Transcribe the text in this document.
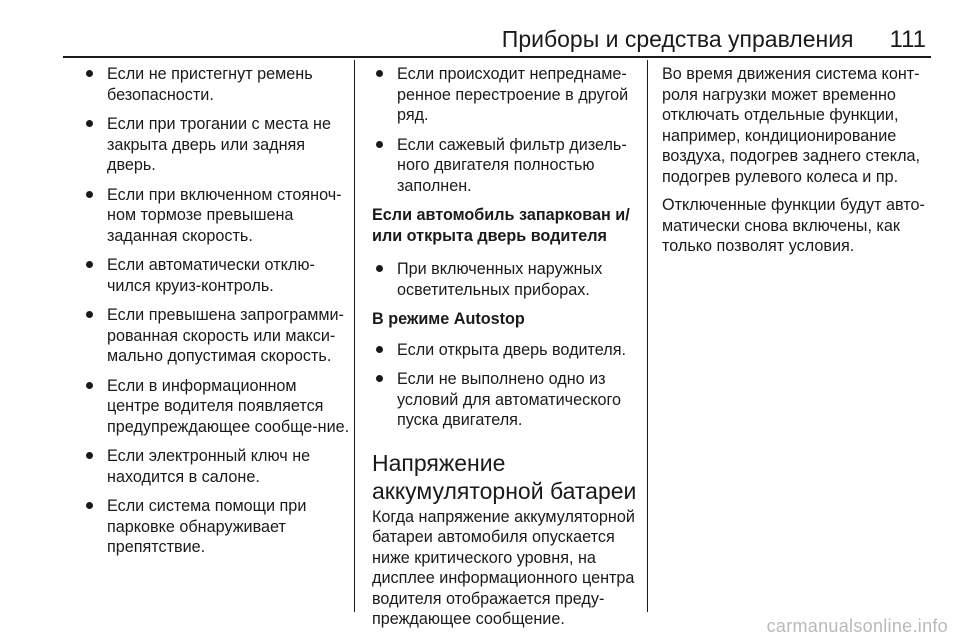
Приборы и средства управления 111
Если не пристегнут ремень безопасности.
Если при трогании с места не закрыта дверь или задняя дверь.
Если при включенном стояноч-ном тормозе превышена заданная скорость.
Если автоматически отклю-чился круиз-контроль.
Если превышена запрограмми-рованная скорость или макси-мально допустимая скорость.
Если в информационном центре водителя появляется предупреждающее сообще-ние.
Если электронный ключ не находится в салоне.
Если система помощи при парковке обнаруживает препятствие.
Если происходит непреднаме-ренное перестроение в другой ряд.
Если сажевый фильтр дизель-ного двигателя полностью заполнен.
Если автомобиль запаркован и/или открыта дверь водителя
При включенных наружных осветительных приборах.
В режиме Autostop
Если открыта дверь водителя.
Если не выполнено одно из условий для автоматического пуска двигателя.
Напряжение
аккумуляторной батареи

Когда напряжение аккумуляторной батареи автомобиля опускается ниже критического уровня, на дисплее информационного центра водителя отображается преду-преждающее сообщение.

Во время движения система конт-роля нагрузки может временно отключать отдельные функции, например, кондиционирование воздуха, подогрев заднего стекла, подогрев рулевого колеса и пр.

Отключенные функции будут авто-матически снова включены, как только позволят условия.

carmanualsonline.info
